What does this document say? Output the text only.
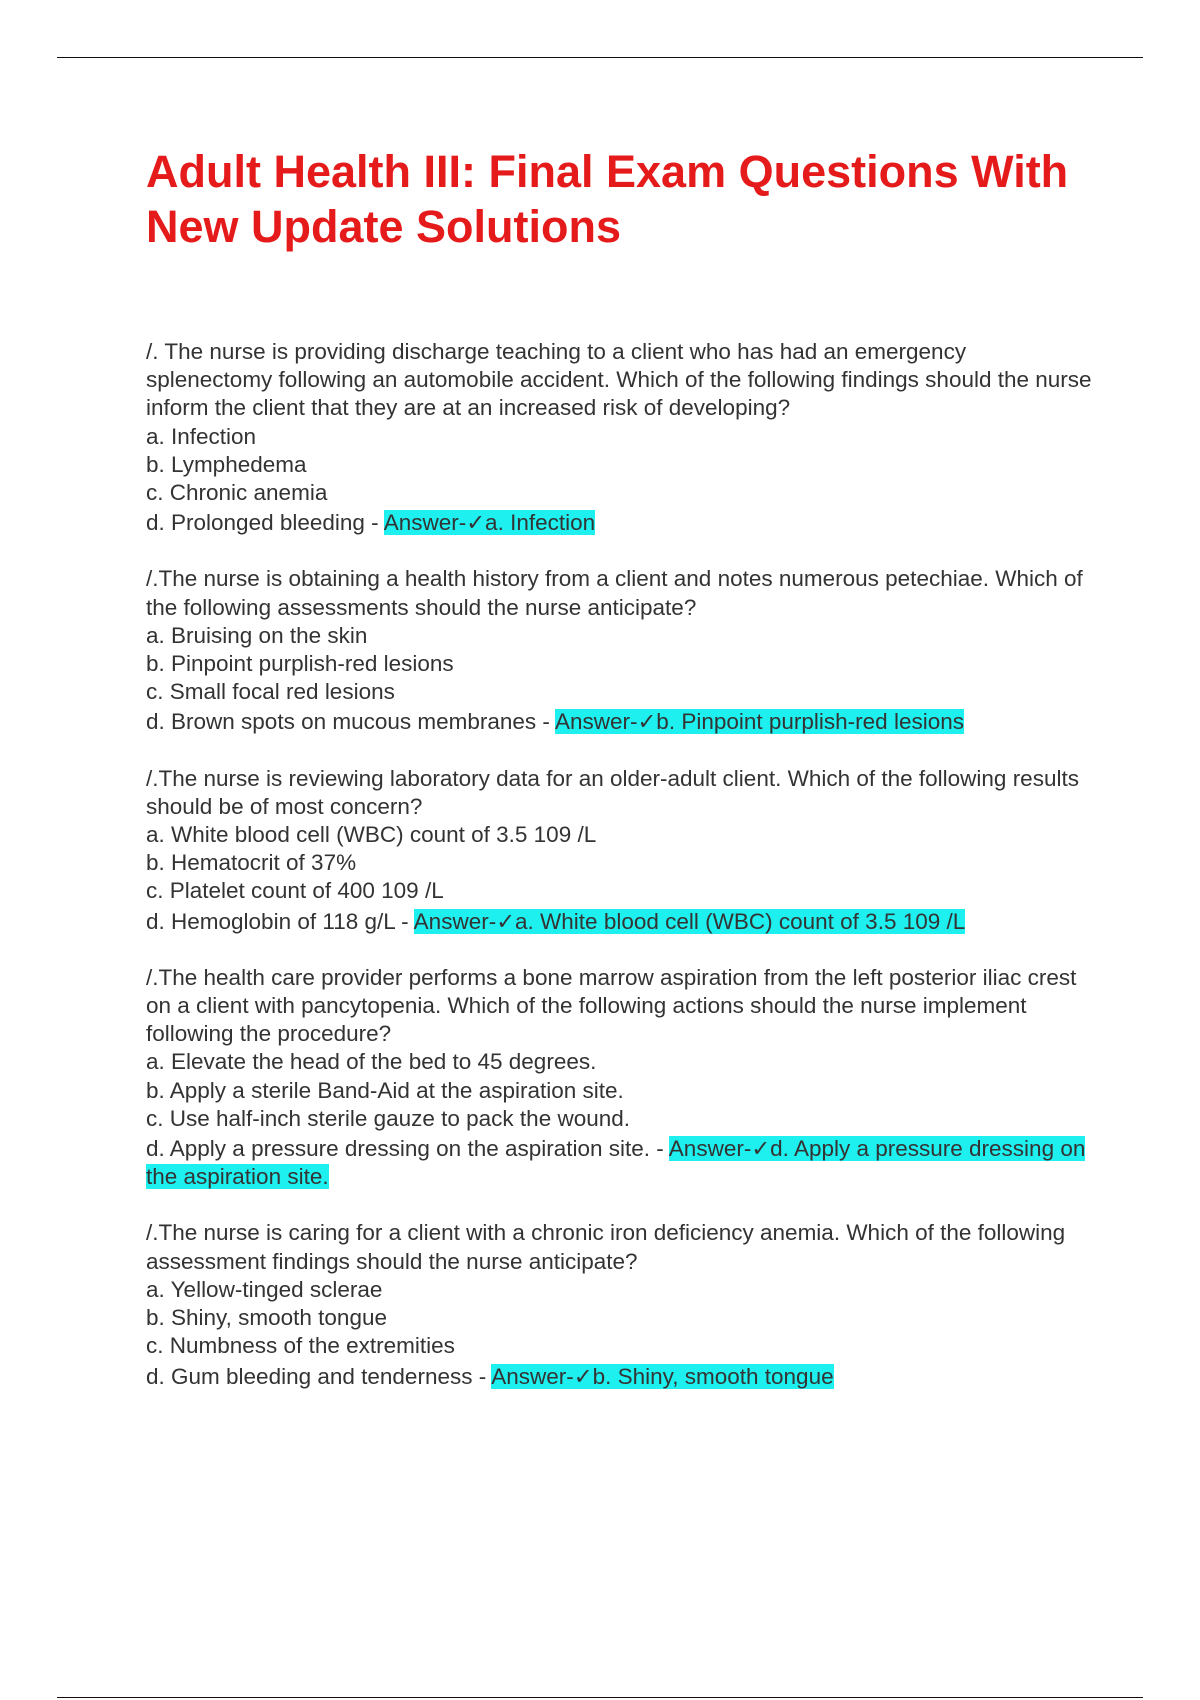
Adult Health III: Final Exam Questions With New Update Solutions
/. The nurse is providing discharge teaching to a client who has had an emergency splenectomy following an automobile accident. Which of the following findings should the nurse inform the client that they are at an increased risk of developing?
a. Infection
b. Lymphedema
c. Chronic anemia
d. Prolonged bleeding - Answer-✓a. Infection
/.The nurse is obtaining a health history from a client and notes numerous petechiae. Which of the following assessments should the nurse anticipate?
a. Bruising on the skin
b. Pinpoint purplish-red lesions
c. Small focal red lesions
d. Brown spots on mucous membranes - Answer-✓b. Pinpoint purplish-red lesions
/.The nurse is reviewing laboratory data for an older-adult client. Which of the following results should be of most concern?
a. White blood cell (WBC) count of 3.5 109 /L
b. Hematocrit of 37%
c. Platelet count of 400 109 /L
d. Hemoglobin of 118 g/L - Answer-✓a. White blood cell (WBC) count of 3.5 109 /L
/.The health care provider performs a bone marrow aspiration from the left posterior iliac crest on a client with pancytopenia. Which of the following actions should the nurse implement following the procedure?
a. Elevate the head of the bed to 45 degrees.
b. Apply a sterile Band-Aid at the aspiration site.
c. Use half-inch sterile gauze to pack the wound.
d. Apply a pressure dressing on the aspiration site. - Answer-✓d. Apply a pressure dressing on the aspiration site.
/.The nurse is caring for a client with a chronic iron deficiency anemia. Which of the following assessment findings should the nurse anticipate?
a. Yellow-tinged sclerae
b. Shiny, smooth tongue
c. Numbness of the extremities
d. Gum bleeding and tenderness - Answer-✓b. Shiny, smooth tongue
